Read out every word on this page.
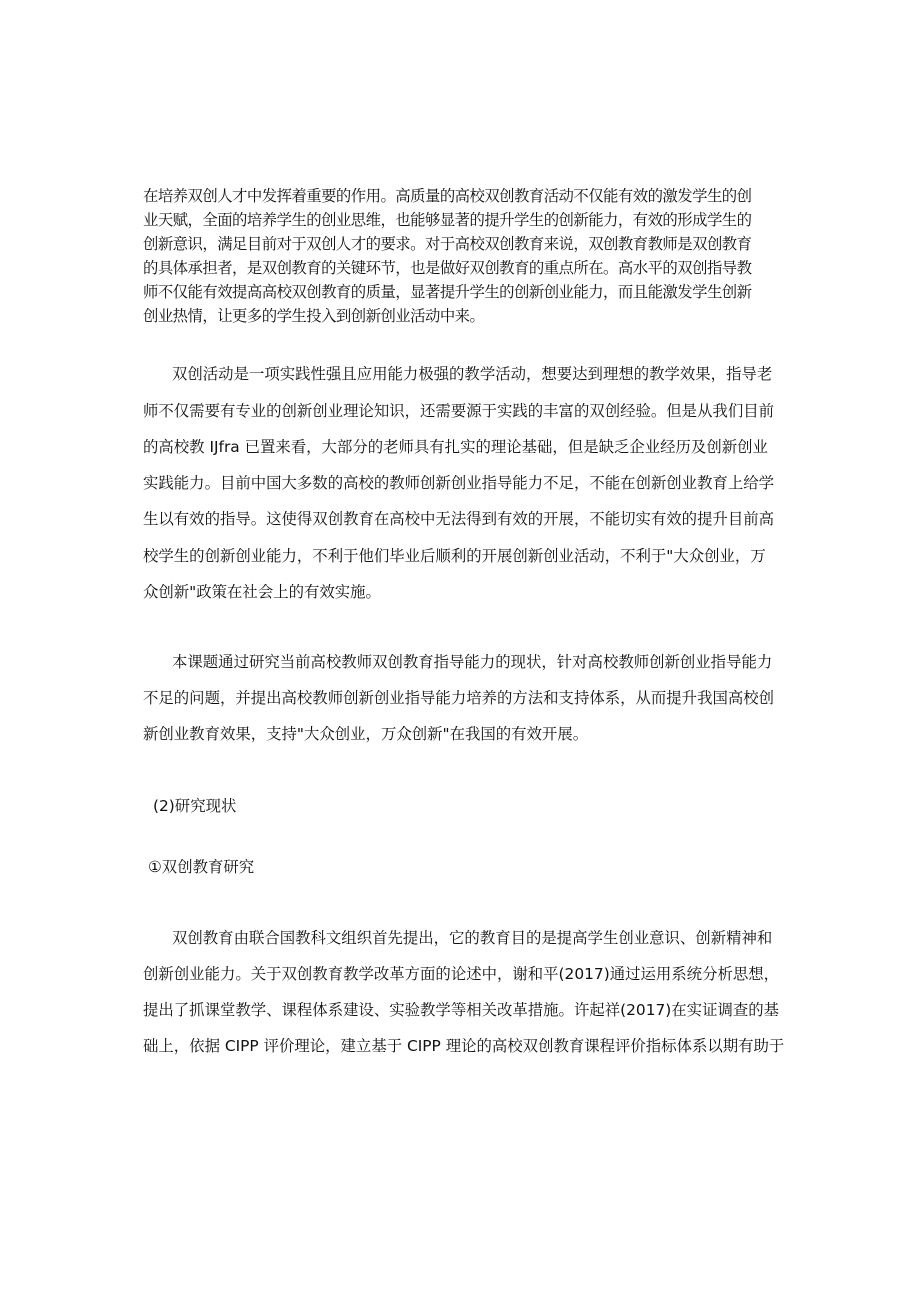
在培养双创人才中发挥着重要的作用。高质量的高校双创教育活动不仅能有效的激发学生的创
业天赋，全面的培养学生的创业思维，也能够显著的提升学生的创新能力，有效的形成学生的
创新意识，满足目前对于双创人才的要求。对于高校双创教育来说，双创教育教师是双创教育
的具体承担者，是双创教育的关键环节，也是做好双创教育的重点所在。高水平的双创指导教
师不仅能有效提高高校双创教育的质量，显著提升学生的创新创业能力，而且能激发学生创新
创业热情，让更多的学生投入到创新创业活动中来。
双创活动是一项实践性强且应用能力极强的教学活动，想要达到理想的教学效果，指导老
师不仅需要有专业的创新创业理论知识，还需要源于实践的丰富的双创经验。但是从我们目前
的高校教 IJfra 已置来看，大部分的老师具有扎实的理论基础，但是缺乏企业经历及创新创业
实践能力。目前中国大多数的高校的教师创新创业指导能力不足，不能在创新创业教育上给学
生以有效的指导。这使得双创教育在高校中无法得到有效的开展，不能切实有效的提升目前高
校学生的创新创业能力，不利于他们毕业后顺利的开展创新创业活动，不利于"大众创业，万
众创新"政策在社会上的有效实施。
本课题通过研究当前高校教师双创教育指导能力的现状，针对高校教师创新创业指导能力
不足的问题，并提出高校教师创新创业指导能力培养的方法和支持体系，从而提升我国高校创
新创业教育效果，支持"大众创业，万众创新"在我国的有效开展。
(2)研究现状
①双创教育研究
双创教育由联合国教科文组织首先提出，它的教育目的是提高学生创业意识、创新精神和
创新创业能力。关于双创教育教学改革方面的论述中，谢和平(2017)通过运用系统分析思想，
提出了抓课堂教学、课程体系建设、实验教学等相关改革措施。许起祥(2017)在实证调查的基
础上，依据 CIPP 评价理论，建立基于 CIPP 理论的高校双创教育课程评价指标体系以期有助于
